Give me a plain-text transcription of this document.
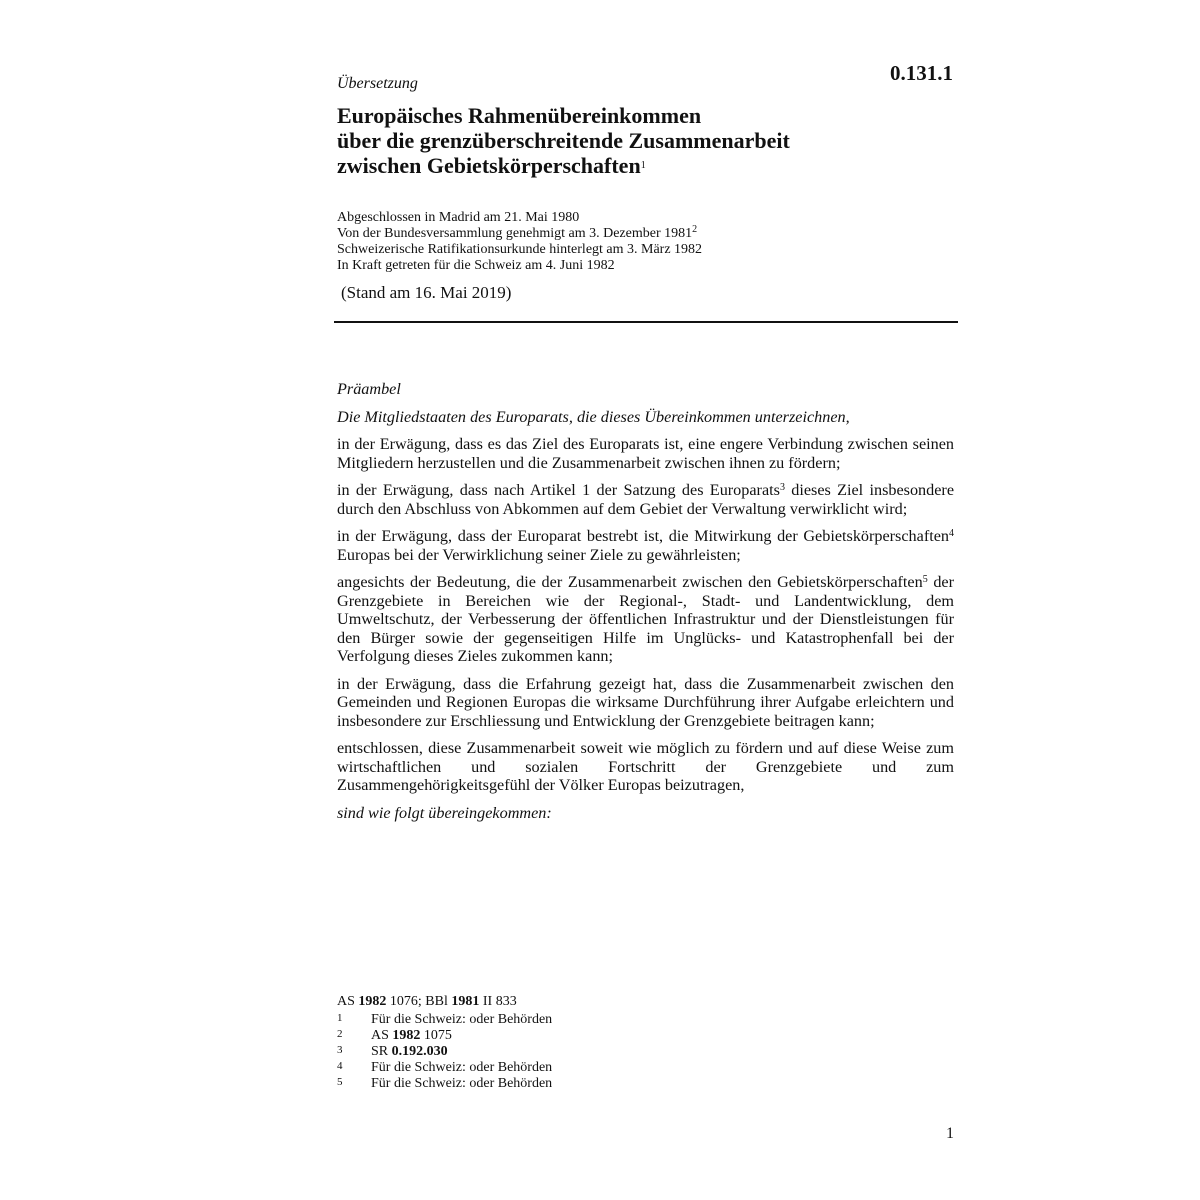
0.131.1
Übersetzung
Europäisches Rahmenübereinkommen
über die grenzüberschreitende Zusammenarbeit
zwischen Gebietskörperschaften$^1$
Abgeschlossen in Madrid am 21. Mai 1980
Von der Bundesversammlung genehmigt am 3. Dezember 1981$^2$
Schweizerische Ratifikationsurkunde hinterlegt am 3. März 1982
In Kraft getreten für die Schweiz am 4. Juni 1982
(Stand am 16. Mai 2019)

Präambel

Die Mitgliedstaaten des Europarats, die dieses Übereinkommen unterzeichnen,

in der Erwägung, dass es das Ziel des Europarats ist, eine engere Verbindung zwischen seinen Mitgliedern herzustellen und die Zusammenarbeit zwischen ihnen zu fördern;

in der Erwägung, dass nach Artikel 1 der Satzung des Europarats$^3$ dieses Ziel insbesondere durch den Abschluss von Abkommen auf dem Gebiet der Verwaltung verwirklicht wird;

in der Erwägung, dass der Europarat bestrebt ist, die Mitwirkung der Gebietskörperschaften$^4$ Europas bei der Verwirklichung seiner Ziele zu gewährleisten;

angesichts der Bedeutung, die der Zusammenarbeit zwischen den Gebietskörperschaften$^5$ der Grenzgebiete in Bereichen wie der Regional-, Stadt- und Landentwicklung, dem Umweltschutz, der Verbesserung der öffentlichen Infrastruktur und der Dienstleistungen für den Bürger sowie der gegenseitigen Hilfe im Unglücks- und Katastrophenfall bei der Verfolgung dieses Zieles zukommen kann;

in der Erwägung, dass die Erfahrung gezeigt hat, dass die Zusammenarbeit zwischen den Gemeinden und Regionen Europas die wirksame Durchführung ihrer Aufgabe erleichtern und insbesondere zur Erschliessung und Entwicklung der Grenzgebiete beitragen kann;

entschlossen, diese Zusammenarbeit soweit wie möglich zu fördern und auf diese Weise zum wirtschaftlichen und sozialen Fortschritt der Grenzgebiete und zum Zusammengehörigkeitsgefühl der Völker Europas beizutragen,

sind wie folgt übereingekommen:

AS 1982 1076; BBl 1981 II 833
1	Für die Schweiz: oder Behörden
2	AS 1982 1075
3	SR 0.192.030
4	Für die Schweiz: oder Behörden
5	Für die Schweiz: oder Behörden
1
